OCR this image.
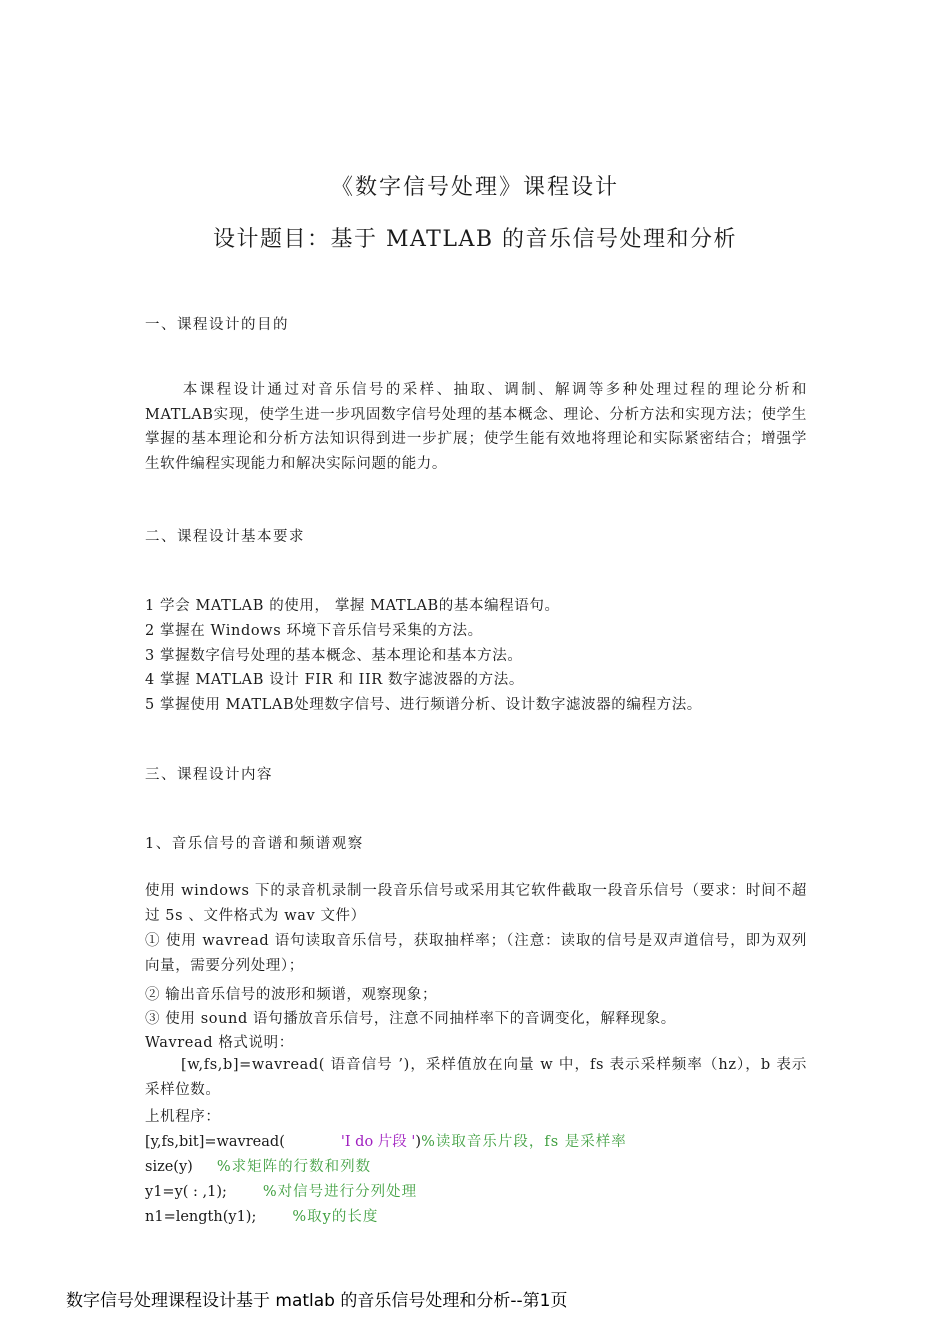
《数字信号处理》课程设计
设计题目：基于 MATLAB 的音乐信号处理和分析
一、课程设计的目的
本课程设计通过对音乐信号的采样、抽取、调制、解调等多种处理过程的理论分析和MATLAB实现，使学生进一步巩固数字信号处理的基本概念、理论、分析方法和实现方法；使学生掌握的基本理论和分析方法知识得到进一步扩展；使学生能有效地将理论和实际紧密结合；增强学生软件编程实现能力和解决实际问题的能力。
二、课程设计基本要求
1 学会 MATLAB 的使用， 掌握 MATLAB的基本编程语句。
2 掌握在 Windows 环境下音乐信号采集的方法。
3 掌握数字信号处理的基本概念、基本理论和基本方法。
4 掌握 MATLAB 设计 FIR 和 IIR 数字滤波器的方法。
5 掌握使用 MATLAB处理数字信号、进行频谱分析、设计数字滤波器的编程方法。
三、课程设计内容
1、音乐信号的音谱和频谱观察
使用 windows 下的录音机录制一段音乐信号或采用其它软件截取一段音乐信号（要求：时间不超过 5s 、文件格式为 wav 文件）
① 使用 wavread 语句读取音乐信号，获取抽样率；（注意：读取的信号是双声道信号，即为双列向量，需要分列处理）；
② 输出音乐信号的波形和频谱，观察现象；
③ 使用 sound 语句播放音乐信号，注意不同抽样率下的音调变化，解释现象。
Wavread 格式说明：
[w,fs,b]=wavread( 语音信号 ’)，采样值放在向量 w 中，fs 表示采样频率（hz），b 表示采样位数。
上机程序：
[y,fs,bit]=wavread(	'I do 片段 ')%读取音乐片段，fs 是采样率
size(y) %求矩阵的行数和列数
y1=y( : ,1); %对信号进行分列处理
n1=length(y1); %取y的长度
数字信号处理课程设计基于 matlab 的音乐信号处理和分析--第1页
